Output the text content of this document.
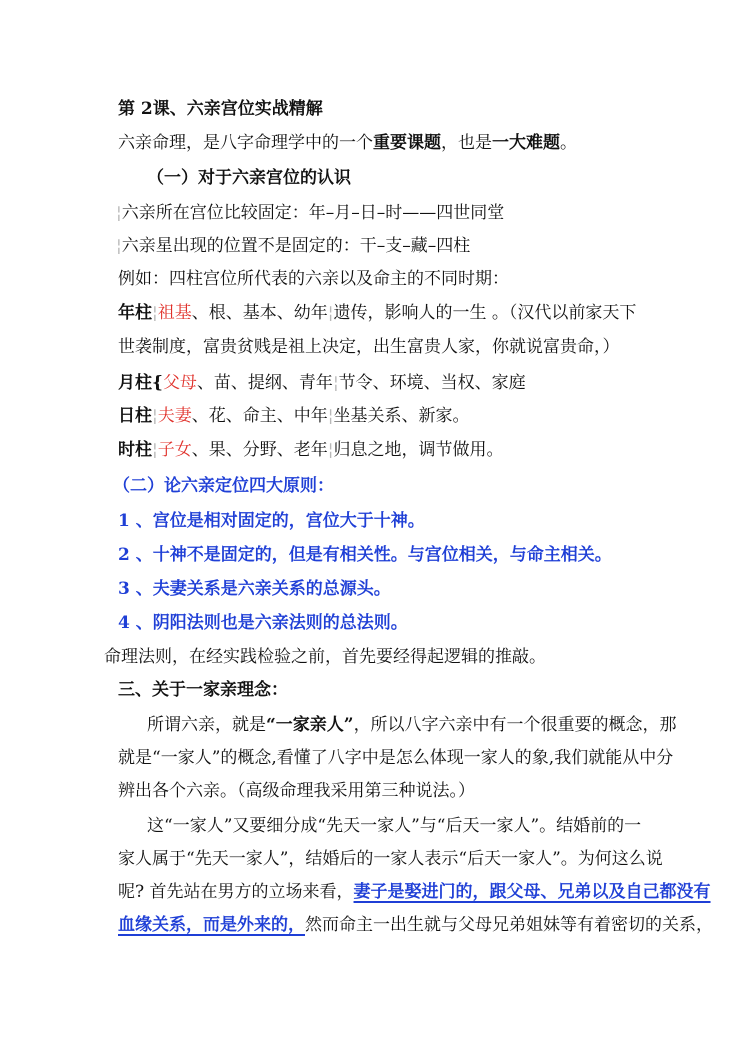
第 2课、六亲宫位实战精解
六亲命理，是八字命理学中的一个重要课题，也是一大难题。
（一）对于六亲宫位的认识
¦六亲所在宫位比较固定：年–月–日–时——四世同堂
¦六亲星出现的位置不是固定的：干–支–藏–四柱
例如：四柱宫位所代表的六亲以及命主的不同时期：
年柱¦祖基、根、基本、幼年¦遗传，影响人的一生 。（汉代以前家天下
世袭制度，富贵贫贱是祖上决定，出生富贵人家，你就说富贵命，）
月柱{父母、苗、提纲、青年¦节令、环境、当权、家庭
日柱¦夫妻、花、命主、中年¦坐基关系、新家。
时柱¦子女、果、分野、老年¦归息之地，调节做用。
（二）论六亲定位四大原则：
1 、宫位是相对固定的，宫位大于十神。
2 、十神不是固定的，但是有相关性。与宫位相关，与命主相关。
3 、夫妻关系是六亲关系的总源头。
4 、阴阳法则也是六亲法则的总法则。
命理法则，在经实践检验之前，首先要经得起逻辑的推敲。
三、关于一家亲理念：
所谓六亲，就是“一家亲人”，所以八字六亲中有一个很重要的概念，那
就是“一家人”的概念,看懂了八字中是怎么体现一家人的象,我们就能从中分
辨出各个六亲。（高级命理我采用第三种说法。）
这“一家人”又要细分成“先天一家人”与“后天一家人”。结婚前的一
家人属于“先天一家人”，结婚后的一家人表示“后天一家人”。为何这么说
呢? 首先站在男方的立场来看，妻子是娶进门的，跟父母、兄弟以及自己都没有
血缘关系，而是外来的，然而命主一出生就与父母兄弟姐妹等有着密切的关系，
